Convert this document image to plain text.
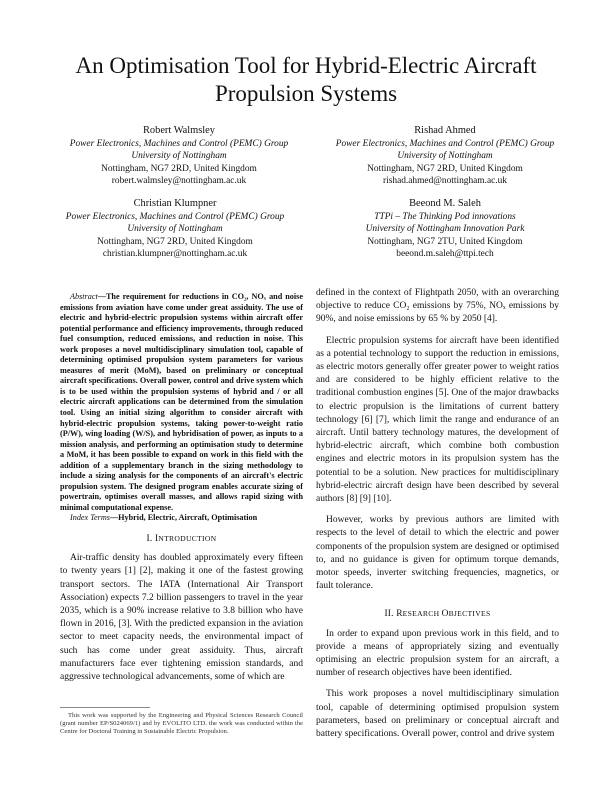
An Optimisation Tool for Hybrid-Electric Aircraft Propulsion Systems
Robert Walmsley
Power Electronics, Machines and Control (PEMC) Group
University of Nottingham
Nottingham, NG7 2RD, United Kingdom
robert.walmsley@nottingham.ac.uk
Rishad Ahmed
Power Electronics, Machines and Control (PEMC) Group
University of Nottingham
Nottingham, NG7 2RD, United Kingdom
rishad.ahmed@nottingham.ac.uk
Christian Klumpner
Power Electronics, Machines and Control (PEMC) Group
University of Nottingham
Nottingham, NG7 2RD, United Kingdom
christian.klumpner@nottingham.ac.uk
Beeond M. Saleh
TTPi – The Thinking Pod innovations
University of Nottingham Innovation Park
Nottingham, NG7 2TU, United Kingdom
beeond.m.saleh@ttpi.tech

Abstract—The requirement for reductions in CO₂, NOₓ and noise emissions from aviation have come under great assiduity. The use of electric and hybrid-electric propulsion systems within aircraft offer potential performance and efficiency improvements, through reduced fuel consumption, reduced emissions, and reduction in noise. This work proposes a novel multidisciplinary simulation tool, capable of determining optimised propulsion system parameters for various measures of merit (MoM), based on preliminary or conceptual aircraft specifications. Overall power, control and drive system which is to be used within the propulsion systems of hybrid and / or all electric aircraft applications can be determined from the simulation tool. Using an initial sizing algorithm to consider aircraft with hybrid-electric propulsion systems, taking power-to-weight ratio (P/W), wing loading (W/S), and hybridisation of power, as inputs to a mission analysis, and performing an optimisation study to determine a MoM, it has been possible to expand on work in this field with the addition of a supplementary branch in the sizing methodology to include a sizing analysis for the components of an aircraft's electric propulsion system. The designed program enables accurate sizing of powertrain, optimises overall masses, and allows rapid sizing with minimal computational expense.

Index Terms—Hybrid, Electric, Aircraft, Optimisation

I. INTRODUCTION

Air-traffic density has doubled approximately every fifteen to twenty years [1] [2], making it one of the fastest growing transport sectors. The IATA (International Air Transport Association) expects 7.2 billion passengers to travel in the year 2035, which is a 90% increase relative to 3.8 billion who have flown in 2016, [3]. With the predicted expansion in the aviation sector to meet capacity needs, the environmental impact of such has come under great assiduity. Thus, aircraft manufacturers face ever tightening emission standards, and aggressive technological advancements, some of which are

This work was supported by the Engineering and Physical Sciences Research Council (grant number EP/S024069/1) and by EVOLITO LTD. the work was conducted within the Centre for Doctoral Training in Sustainable Electric Propulsion.

defined in the context of Flightpath 2050, with an overarching objective to reduce CO₂ emissions by 75%, NOₓ emissions by 90%, and noise emissions by 65 % by 2050 [4].

Electric propulsion systems for aircraft have been identified as a potential technology to support the reduction in emissions, as electric motors generally offer greater power to weight ratios and are considered to be highly efficient relative to the traditional combustion engines [5]. One of the major drawbacks to electric propulsion is the limitations of current battery technology [6] [7], which limit the range and endurance of an aircraft. Until battery technology matures, the development of hybrid-electric aircraft, which combine both combustion engines and electric motors in its propulsion system has the potential to be a solution. New practices for multidisciplinary hybrid-electric aircraft design have been described by several authors [8] [9] [10].

However, works by previous authors are limited with respects to the level of detail to which the electric and power components of the propulsion system are designed or optimised to, and no guidance is given for optimum torque demands, motor speeds, inverter switching frequencies, magnetics, or fault tolerance.

II. RESEARCH OBJECTIVES

In order to expand upon previous work in this field, and to provide a means of appropriately sizing and eventually optimising an electric propulsion system for an aircraft, a number of research objectives have been identified.

This work proposes a novel multidisciplinary simulation tool, capable of determining optimised propulsion system parameters, based on preliminary or conceptual aircraft and battery specifications. Overall power, control and drive system
